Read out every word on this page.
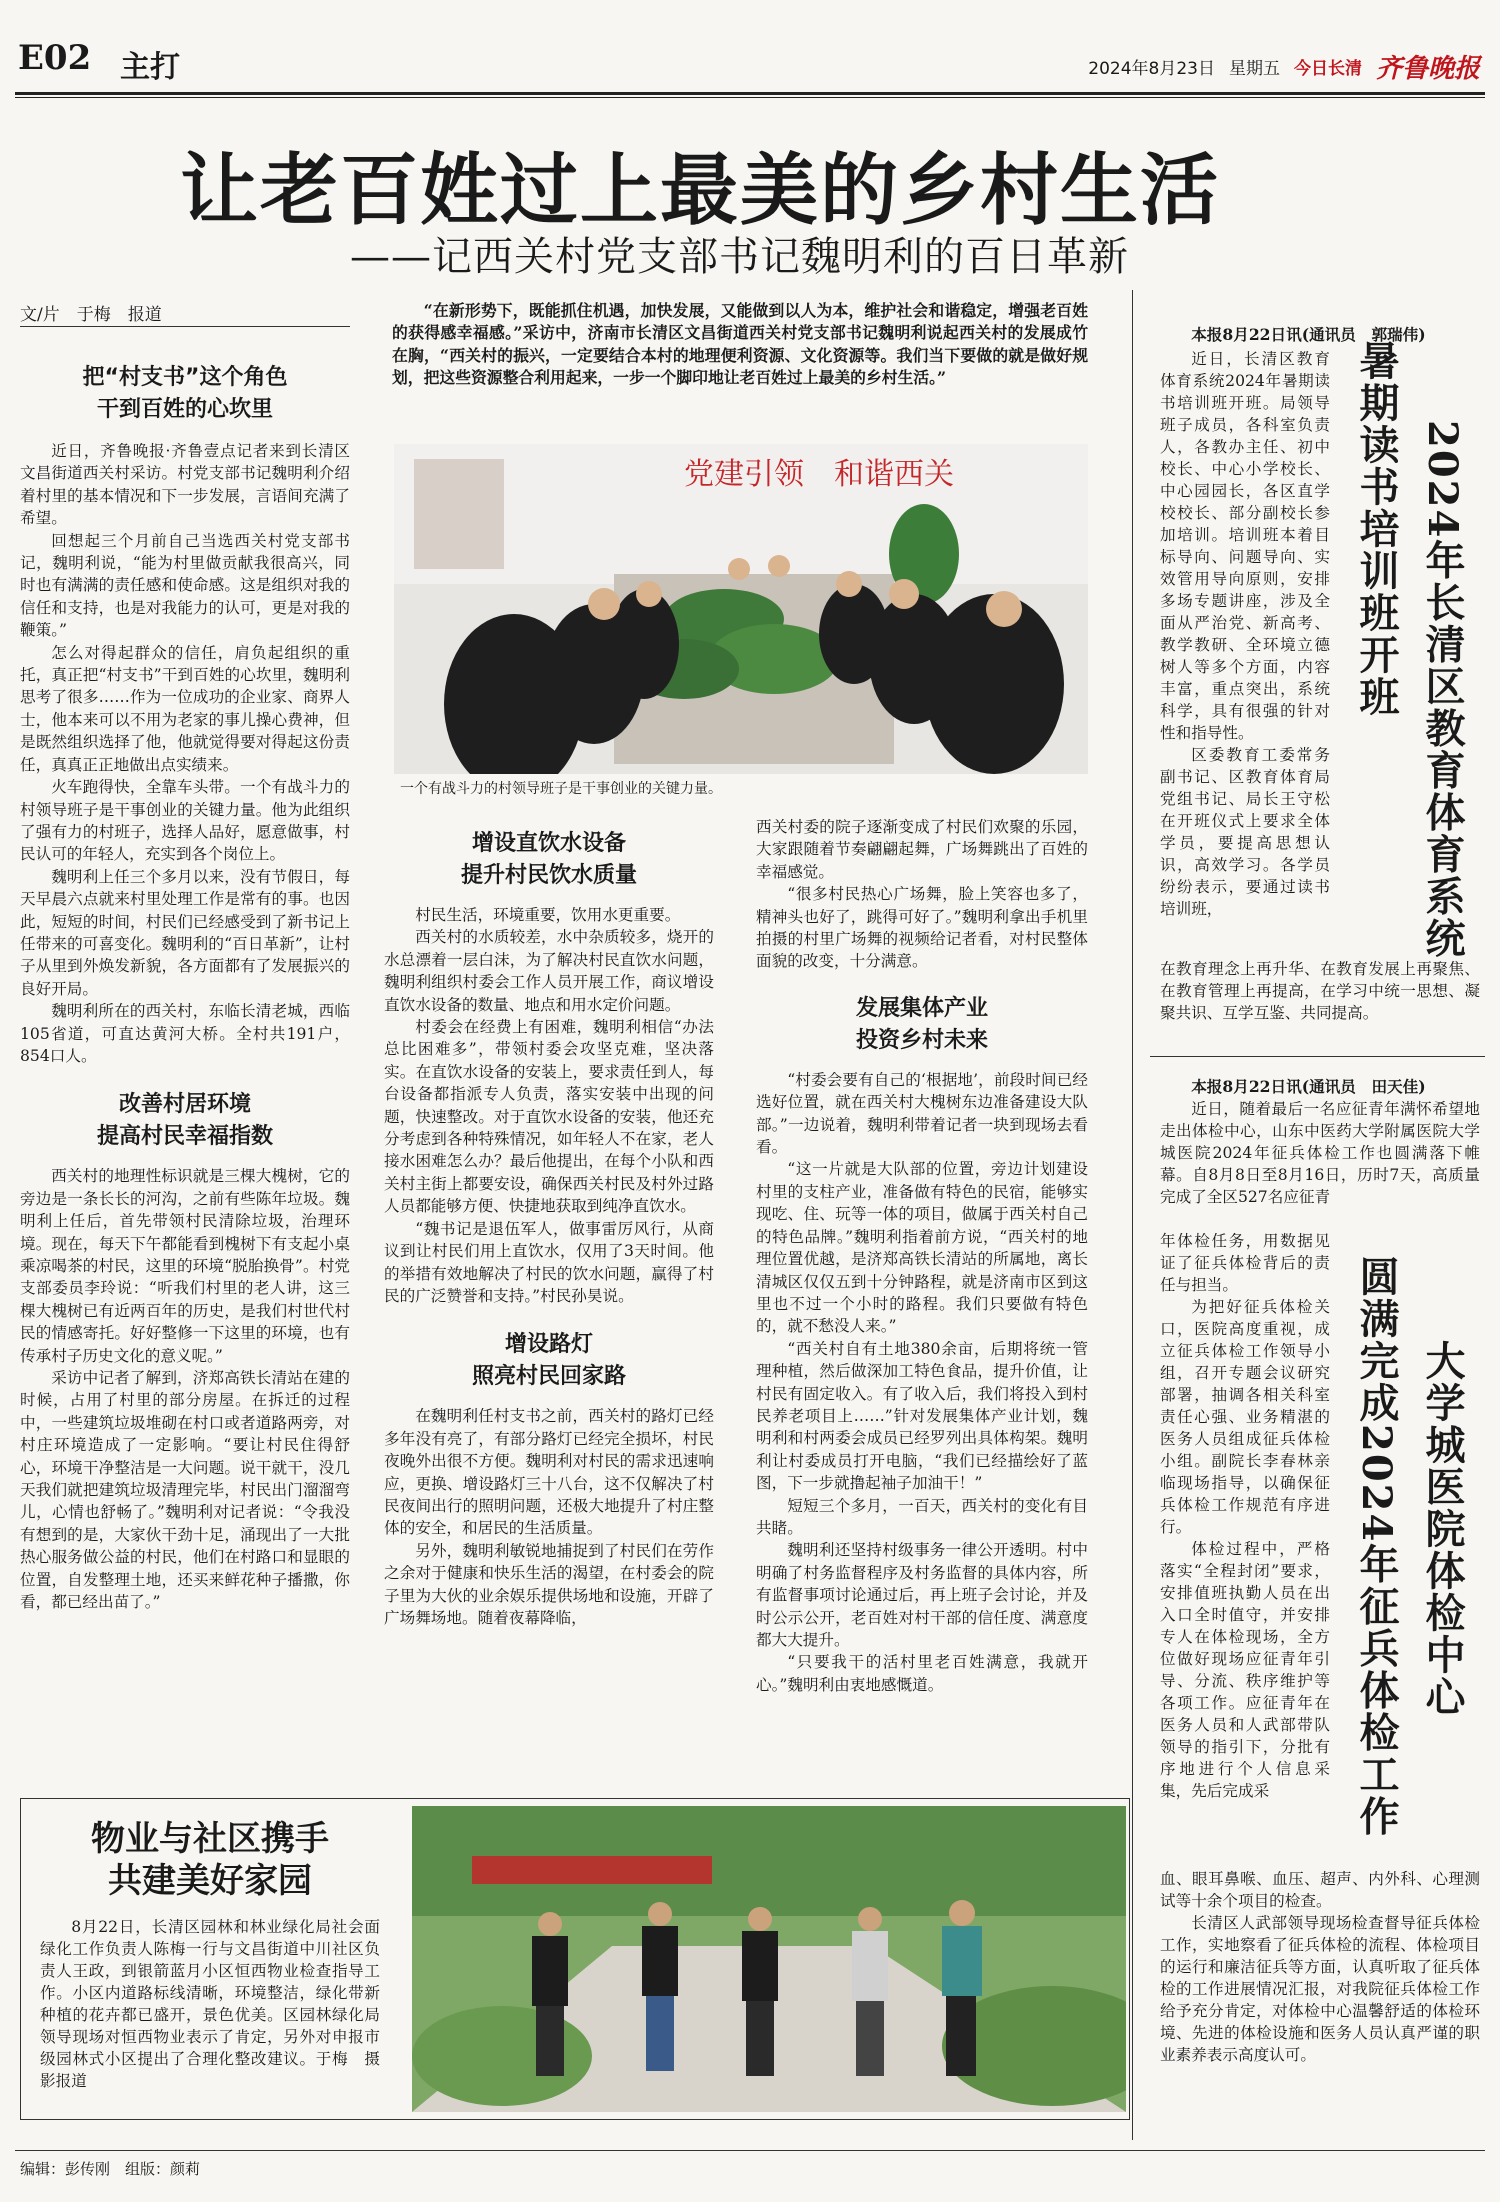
E02 主打	2024年8月23日 星期五 今日长清 齐鲁晚报
让老百姓过上最美的乡村生活
——记西关村党支部书记魏明利的百日革新
文/片　于梅　报道	“在新形势下，既能抓住机遇，加快发展，又能做到以人为本，维护社会和谐稳定，增强老百姓的获得感幸福感。”采访中，济南市长清区文昌街道西关村党支部书记魏明利说起西关村的发展成竹在胸，“西关村的振兴，一定要结合本村的地理便利资源、文化资源等。我们当下要做的就是做好规划，把这些资源整合利用起来，一步一个脚印地让老百姓过上最美的乡村生活。”

党建引领　和谐西关
一个有战斗力的村领导班子是干事创业的关键力量。
把“村支书”这个角色
干到百姓的心坎里

近日，齐鲁晚报·齐鲁壹点记者来到长清区文昌街道西关村采访。村党支部书记魏明利介绍着村里的基本情况和下一步发展，言语间充满了希望。

回想起三个月前自己当选西关村党支部书记，魏明利说，“能为村里做贡献我很高兴，同时也有满满的责任感和使命感。这是组织对我的信任和支持，也是对我能力的认可，更是对我的鞭策。”

怎么对得起群众的信任，肩负起组织的重托，真正把“村支书”干到百姓的心坎里，魏明利思考了很多……作为一位成功的企业家、商界人士，他本来可以不用为老家的事儿操心费神，但是既然组织选择了他，他就觉得要对得起这份责任，真真正正地做出点实绩来。

火车跑得快，全靠车头带。一个有战斗力的村领导班子是干事创业的关键力量。他为此组织了强有力的村班子，选择人品好，愿意做事，村民认可的年轻人，充实到各个岗位上。

魏明利上任三个多月以来，没有节假日，每天早晨六点就来村里处理工作是常有的事。也因此，短短的时间，村民们已经感受到了新书记上任带来的可喜变化。魏明利的“百日革新”，让村子从里到外焕发新貌，各方面都有了发展振兴的良好开局。

魏明利所在的西关村，东临长清老城，西临105省道，可直达黄河大桥。全村共191户，854口人。

改善村居环境
提高村民幸福指数

西关村的地理性标识就是三棵大槐树，它的旁边是一条长长的河沟，之前有些陈年垃圾。魏明利上任后，首先带领村民清除垃圾，治理环境。现在，每天下午都能看到槐树下有支起小桌乘凉喝茶的村民，这里的环境“脱胎换骨”。村党支部委员李玲说：“听我们村里的老人讲，这三棵大槐树已有近两百年的历史，是我们村世代村民的情感寄托。好好整修一下这里的环境，也有传承村子历史文化的意义呢。”

采访中记者了解到，济郑高铁长清站在建的时候，占用了村里的部分房屋。在拆迁的过程中，一些建筑垃圾堆砌在村口或者道路两旁，对村庄环境造成了一定影响。“要让村民住得舒心，环境干净整洁是一大问题。说干就干，没几天我们就把建筑垃圾清理完毕，村民出门溜溜弯儿，心情也舒畅了。”魏明利对记者说：“令我没有想到的是，大家伙干劲十足，涌现出了一大批热心服务做公益的村民，他们在村路口和显眼的位置，自发整理土地，还买来鲜花种子播撒，你看，都已经出苗了。”

增设直饮水设备
提升村民饮水质量

村民生活，环境重要，饮用水更重要。

西关村的水质较差，水中杂质较多，烧开的水总漂着一层白沫，为了解决村民直饮水问题，魏明利组织村委会工作人员开展工作，商议增设直饮水设备的数量、地点和用水定价问题。

村委会在经费上有困难，魏明利相信“办法总比困难多”，带领村委会攻坚克难，坚决落实。在直饮水设备的安装上，要求责任到人，每台设备都指派专人负责，落实安装中出现的问题，快速整改。对于直饮水设备的安装，他还充分考虑到各种特殊情况，如年轻人不在家，老人接水困难怎么办？最后他提出，在每个小队和西关村主街上都要安设，确保西关村民及村外过路人员都能够方便、快捷地获取到纯净直饮水。

“魏书记是退伍军人，做事雷厉风行，从商议到让村民们用上直饮水，仅用了3天时间。他的举措有效地解决了村民的饮水问题，赢得了村民的广泛赞誉和支持。”村民孙昊说。

增设路灯
照亮村民回家路

在魏明利任村支书之前，西关村的路灯已经多年没有亮了，有部分路灯已经完全损坏，村民夜晚外出很不方便。魏明利对村民的需求迅速响应，更换、增设路灯三十八台，这不仅解决了村民夜间出行的照明问题，还极大地提升了村庄整体的安全，和居民的生活质量。

另外，魏明利敏锐地捕捉到了村民们在劳作之余对于健康和快乐生活的渴望，在村委会的院子里为大伙的业余娱乐提供场地和设施，开辟了广场舞场地。随着夜幕降临，

西关村委的院子逐渐变成了村民们欢聚的乐园，大家跟随着节奏翩翩起舞，广场舞跳出了百姓的幸福感觉。

“很多村民热心广场舞，脸上笑容也多了，精神头也好了，跳得可好了。”魏明利拿出手机里拍摄的村里广场舞的视频给记者看，对村民整体面貌的改变，十分满意。

发展集体产业
投资乡村未来

“村委会要有自己的‘根据地’，前段时间已经选好位置，就在西关村大槐树东边准备建设大队部。”一边说着，魏明利带着记者一块到现场去看看。

“这一片就是大队部的位置，旁边计划建设村里的支柱产业，准备做有特色的民宿，能够实现吃、住、玩等一体的项目，做属于西关村自己的特色品牌。”魏明利指着前方说，“西关村的地理位置优越，是济郑高铁长清站的所属地，离长清城区仅仅五到十分钟路程，就是济南市区到这里也不过一个小时的路程。我们只要做有特色的，就不愁没人来。”

“西关村自有土地380余亩，后期将统一管理种植，然后做深加工特色食品，提升价值，让村民有固定收入。有了收入后，我们将投入到村民养老项目上……”针对发展集体产业计划，魏明利和村两委会成员已经罗列出具体构架。魏明利让村委成员打开电脑，“我们已经描绘好了蓝图，下一步就撸起袖子加油干！”

短短三个多月，一百天，西关村的变化有目共睹。

魏明利还坚持村级事务一律公开透明。村中明确了村务监督程序及村务监督的具体内容，所有监督事项讨论通过后，再上班子会讨论，并及时公示公开，老百姓对村干部的信任度、满意度都大大提升。

“只要我干的活村里老百姓满意，我就开心。”魏明利由衷地感慨道。

本报8月22日讯(通讯员　郭瑞伟)

近日，长清区教育体育系统2024年暑期读书培训班开班。局领导班子成员，各科室负责人，各教办主任、初中校长、中心小学校长、中心园园长，各区直学校校长、部分副校长参加培训。培训班本着目标导向、问题导向、实效管用导向原则，安排多场专题讲座，涉及全面从严治党、新高考、教学教研、全环境立德树人等多个方面，内容丰富，重点突出，系统科学，具有很强的针对性和指导性。

区委教育工委常务副书记、区教育体育局党组书记、局长王守松在开班仪式上要求全体学员，要提高思想认识，高效学习。各学员纷纷表示，要通过读书培训班，

暑期读书培训班开班 2024年长清区教育体育系统

在教育理念上再升华、在教育发展上再聚焦、在教育管理上再提高，在学习中统一思想、凝聚共识、互学互鉴、共同提高。

本报8月22日讯(通讯员　田天佳)

近日，随着最后一名应征青年满怀希望地走出体检中心，山东中医药大学附属医院大学城医院2024年征兵体检工作也圆满落下帷幕。自8月8日至8月16日，历时7天，高质量完成了全区527名应征青

年体检任务，用数据见证了征兵体检背后的责任与担当。

为把好征兵体检关口，医院高度重视，成立征兵体检工作领导小组，召开专题会议研究部署，抽调各相关科室责任心强、业务精湛的医务人员组成征兵体检小组。副院长李春林亲临现场指导，以确保征兵体检工作规范有序进行。

体检过程中，严格落实“全程封闭”要求，安排值班执勤人员在出入口全时值守，并安排专人在体检现场，全方位做好现场应征青年引导、分流、秩序维护等各项工作。应征青年在医务人员和人武部带队领导的指引下，分批有序地进行个人信息采集，先后完成采	圆满完成2024年征兵体检工作 大学城医院体检中心

血、眼耳鼻喉、血压、超声、内外科、心理测试等十余个项目的检查。

长清区人武部领导现场检查督导征兵体检工作，实地察看了征兵体检的流程、体检项目的运行和廉洁征兵等方面，认真听取了征兵体检的工作进展情况汇报，对我院征兵体检工作给予充分肯定，对体检中心温馨舒适的体检环境、先进的体检设施和医务人员认真严谨的职业素养表示高度认可。

物业与社区携手
共建美好家园

8月22日，长清区园林和林业绿化局社会面绿化工作负责人陈梅一行与文昌街道中川社区负责人王政，到银箭蓝月小区恒西物业检查指导工作。小区内道路标线清晰，环境整洁，绿化带新种植的花卉都已盛开，景色优美。区园林绿化局领导现场对恒西物业表示了肯定，另外对申报市级园林式小区提出了合理化整改建议。于梅　摄影报道

编辑：彭传刚　组版：颜莉
